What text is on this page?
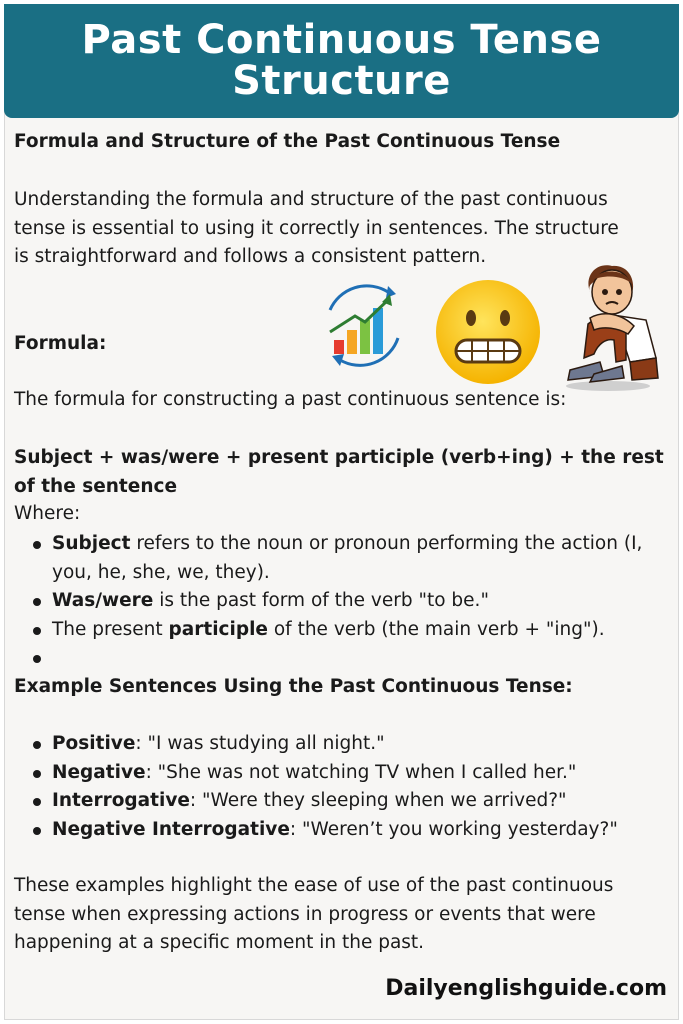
Past Continuous Tense
Structure
Formula and Structure of the Past Continuous Tense
Understanding the formula and structure of the past continuous tense is essential to using it correctly in sentences. The structure is straightforward and follows a consistent pattern.
Formula:
The formula for constructing a past continuous sentence is:
Subject + was/were + present participle (verb+ing) + the rest of the sentence
Where:
Subject refers to the noun or pronoun performing the action (I, you, he, she, we, they).
Was/were is the past form of the verb "to be."
The present participle of the verb (the main verb + "ing").

Example Sentences Using the Past Continuous Tense:
Positive: "I was studying all night."
Negative: "She was not watching TV when I called her."
Interrogative: "Were they sleeping when we arrived?"
Negative Interrogative: "Weren’t you working yesterday?"
These examples highlight the ease of use of the past continuous tense when expressing actions in progress or events that were happening at a specific moment in the past.
Dailyenglishguide.com
